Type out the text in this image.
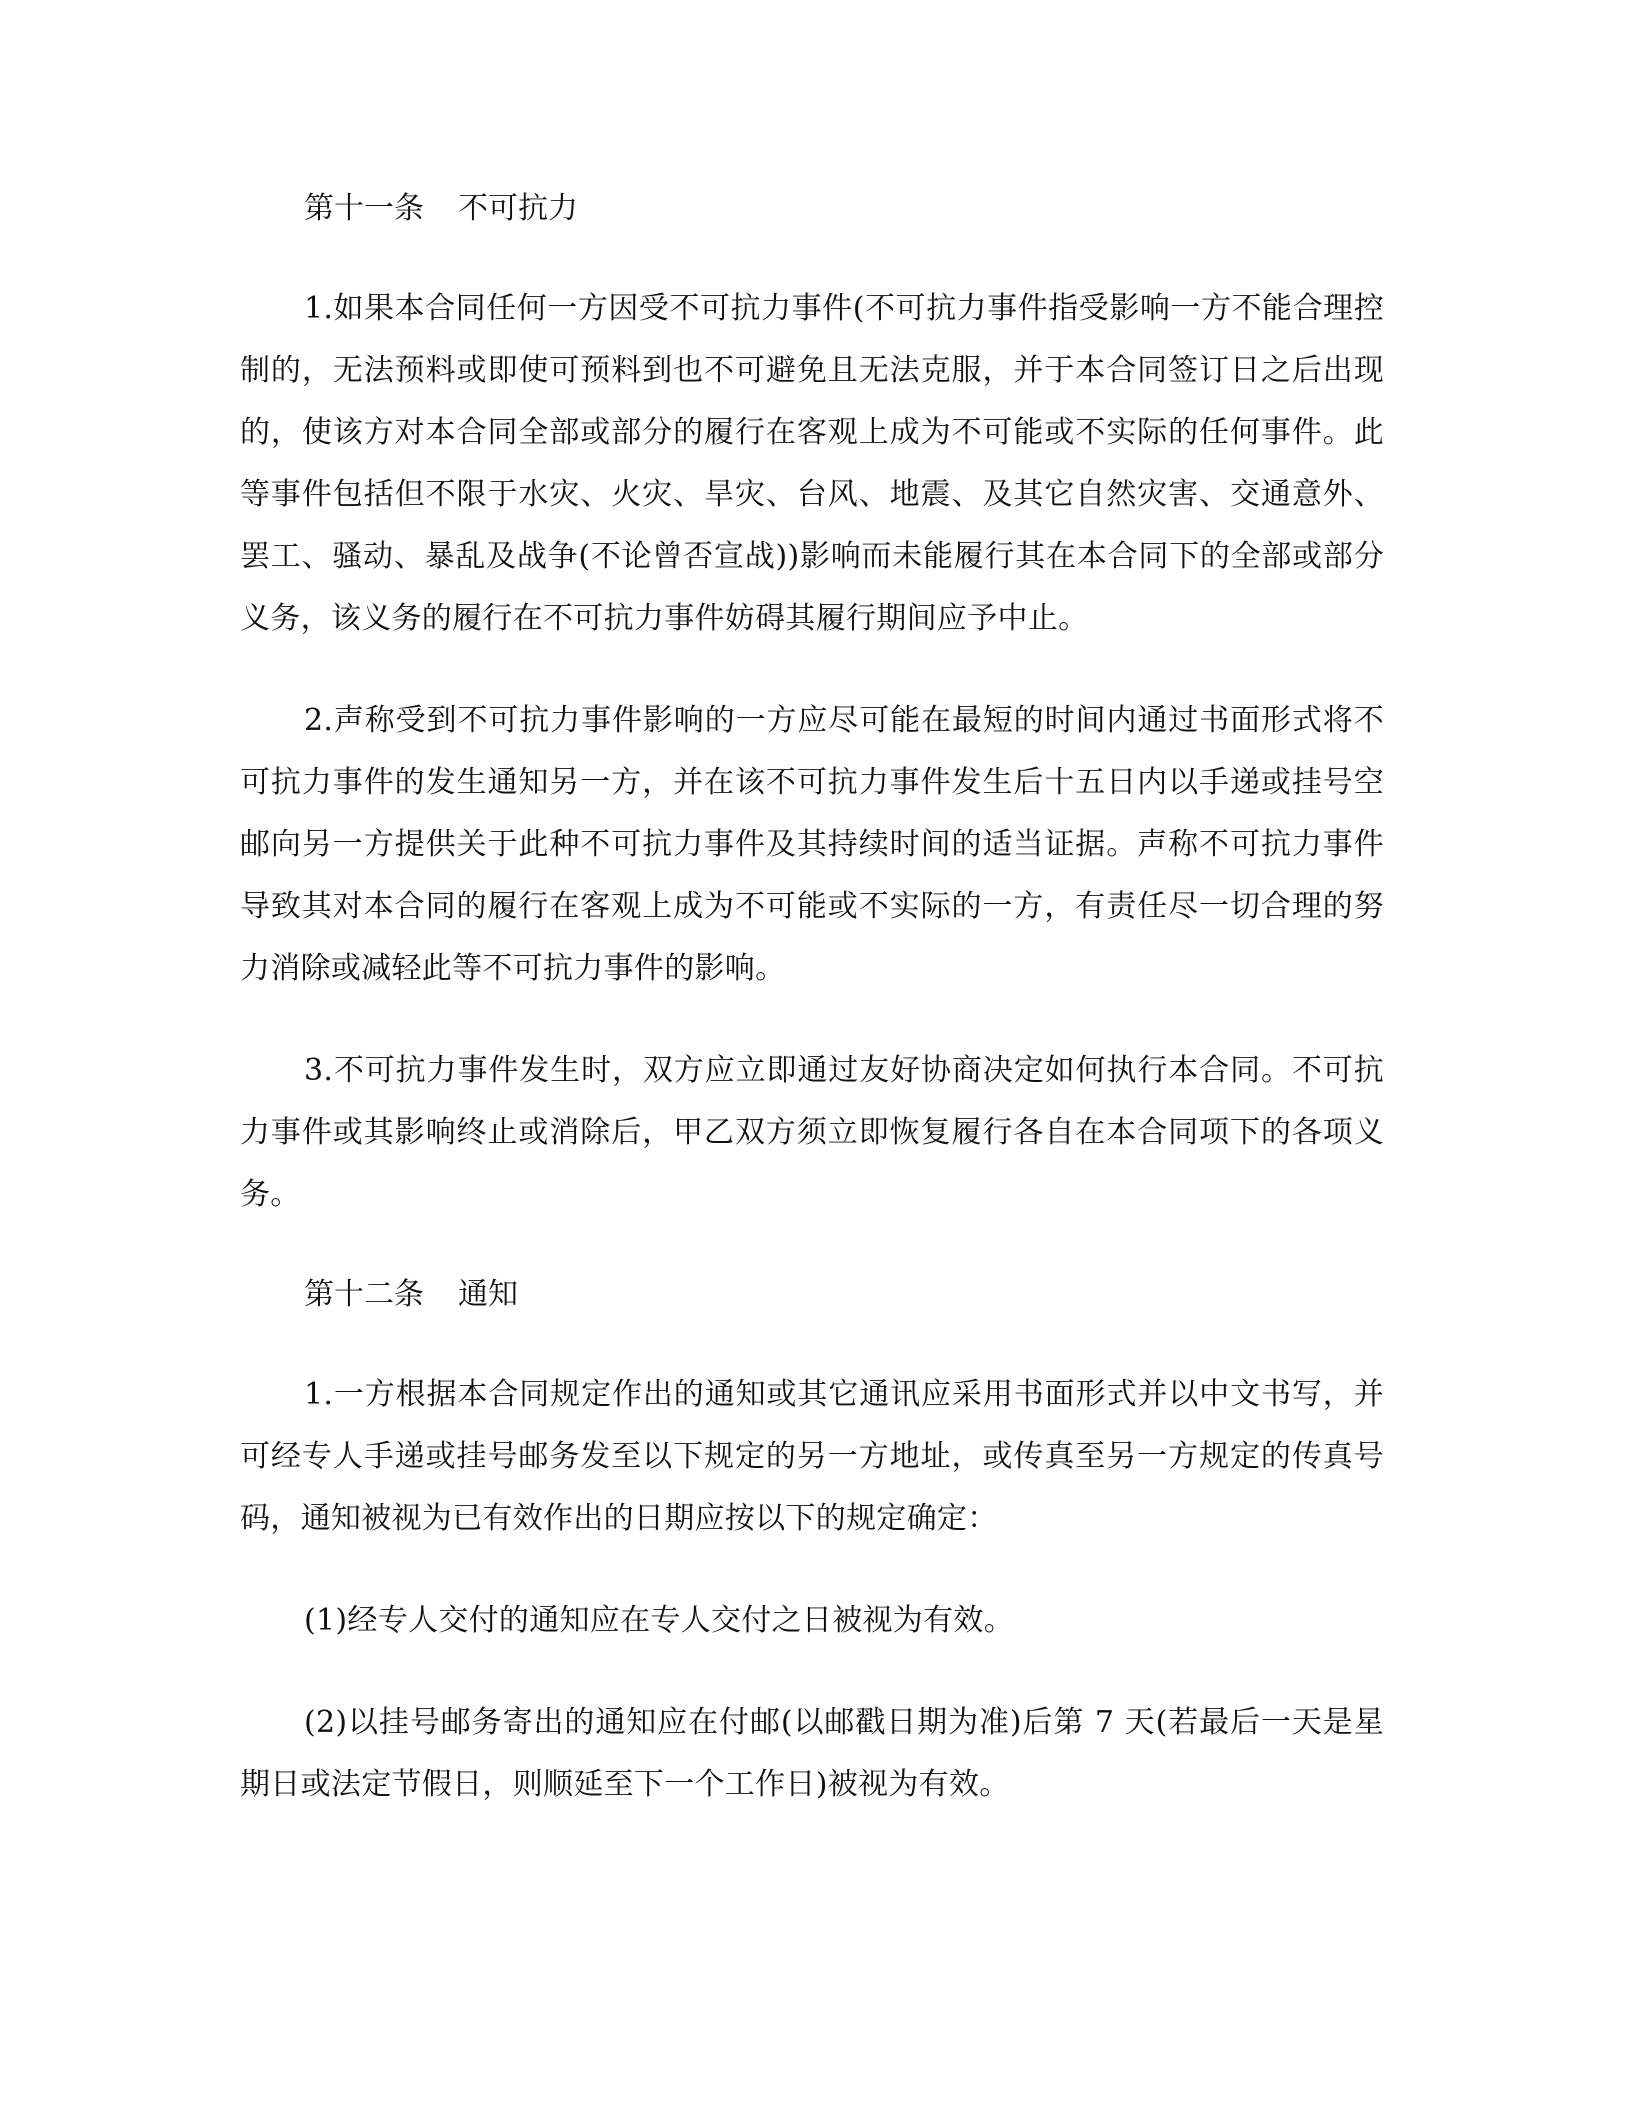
第十一条 不可抗力

1.如果本合同任何一方因受不可抗力事件(不可抗力事件指受影响一方不能合理控制的，无法预料或即使可预料到也不可避免且无法克服，并于本合同签订日之后出现的，使该方对本合同全部或部分的履行在客观上成为不可能或不实际的任何事件。此等事件包括但不限于水灾、火灾、旱灾、台风、地震、及其它自然灾害、交通意外、罢工、骚动、暴乱及战争(不论曾否宣战))影响而未能履行其在本合同下的全部或部分义务，该义务的履行在不可抗力事件妨碍其履行期间应予中止。

2.声称受到不可抗力事件影响的一方应尽可能在最短的时间内通过书面形式将不可抗力事件的发生通知另一方，并在该不可抗力事件发生后十五日内以手递或挂号空邮向另一方提供关于此种不可抗力事件及其持续时间的适当证据。声称不可抗力事件导致其对本合同的履行在客观上成为不可能或不实际的一方，有责任尽一切合理的努力消除或减轻此等不可抗力事件的影响。

3.不可抗力事件发生时，双方应立即通过友好协商决定如何执行本合同。不可抗力事件或其影响终止或消除后，甲乙双方须立即恢复履行各自在本合同项下的各项义务。

第十二条 通知

1.一方根据本合同规定作出的通知或其它通讯应采用书面形式并以中文书写，并可经专人手递或挂号邮务发至以下规定的另一方地址，或传真至另一方规定的传真号码，通知被视为已有效作出的日期应按以下的规定确定：

(1)经专人交付的通知应在专人交付之日被视为有效。

(2)以挂号邮务寄出的通知应在付邮(以邮戳日期为准)后第 7 天(若最后一天是星期日或法定节假日，则顺延至下一个工作日)被视为有效。
